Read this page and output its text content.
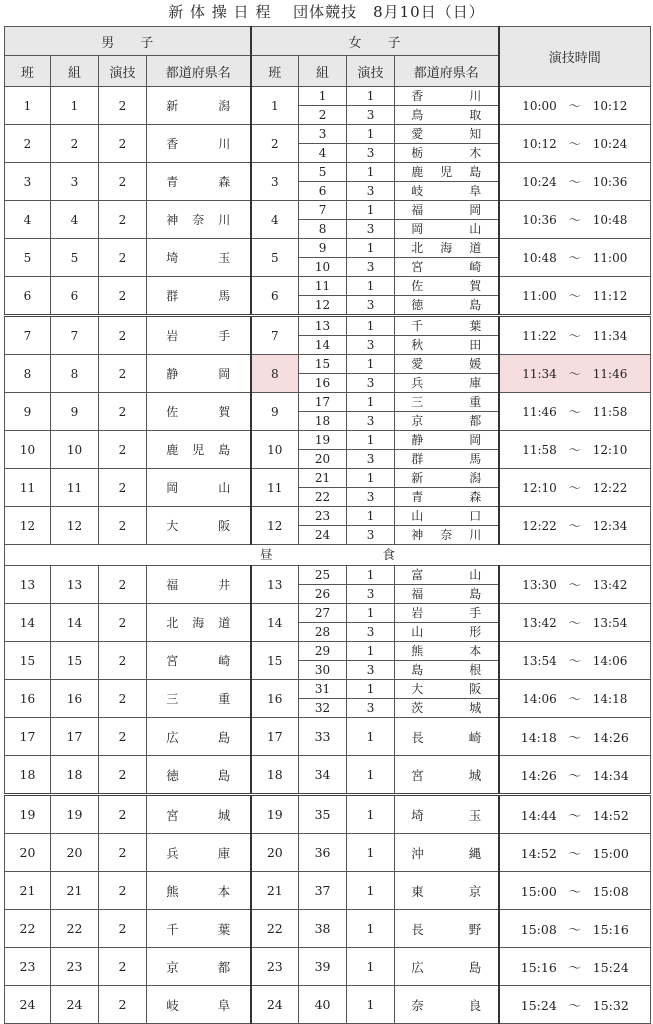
新 体 操 日 程　 団体競技　8月10日（日）
男　　子				女　　子				演技時間
班	組	演技	都道府県名	班	組	演技	都道府県名	
1	1	2	新潟	1	1	1	香川	10:00 ～ 10:12
					2	3	鳥取	
2	2	2	香川	2	3	1	愛知	10:12 ～ 10:24
					4	3	栃木	
3	3	2	青森	3	5	1	鹿児島	10:24 ～ 10:36
					6	3	岐阜	
4	4	2	神奈川	4	7	1	福岡	10:36 ～ 10:48
					8	3	岡山	
5	5	2	埼玉	5	9	1	北海道	10:48 ～ 11:00
					10	3	宮崎	
6	6	2	群馬	6	11	1	佐賀	11:00 ～ 11:12
					12	3	徳島	
7	7	2	岩手	7	13	1	千葉	11:22 ～ 11:34
					14	3	秋田	
8	8	2	静岡	8	15	1	愛媛	11:34 ～ 11:46
					16	3	兵庫	
9	9	2	佐賀	9	17	1	三重	11:46 ～ 11:58
					18	3	京都	
10	10	2	鹿児島	10	19	1	静岡	11:58 ～ 12:10
					20	3	群馬	
11	11	2	岡山	11	21	1	新潟	12:10 ～ 12:22
					22	3	青森	
12	12	2	大阪	12	23	1	山口	12:22 ～ 12:34
					24	3	神奈川	
昼 食								
13	13	2	福井	13	25	1	富山	13:30 ～ 13:42
					26	3	福島	
14	14	2	北海道	14	27	1	岩手	13:42 ～ 13:54
					28	3	山形	
15	15	2	宮崎	15	29	1	熊本	13:54 ～ 14:06
					30	3	島根	
16	16	2	三重	16	31	1	大阪	14:06 ～ 14:18
					32	3	茨城	
17	17	2	広島	17	33	1	長崎	14:18 ～ 14:26
18	18	2	徳島	18	34	1	宮城	14:26 ～ 14:34
19	19	2	宮城	19	35	1	埼玉	14:44 ～ 14:52
20	20	2	兵庫	20	36	1	沖縄	14:52 ～ 15:00
21	21	2	熊本	21	37	1	東京	15:00 ～ 15:08
22	22	2	千葉	22	38	1	長野	15:08 ～ 15:16
23	23	2	京都	23	39	1	広島	15:16 ～ 15:24
24	24	2	岐阜	24	40	1	奈良	15:24 ～ 15:32
